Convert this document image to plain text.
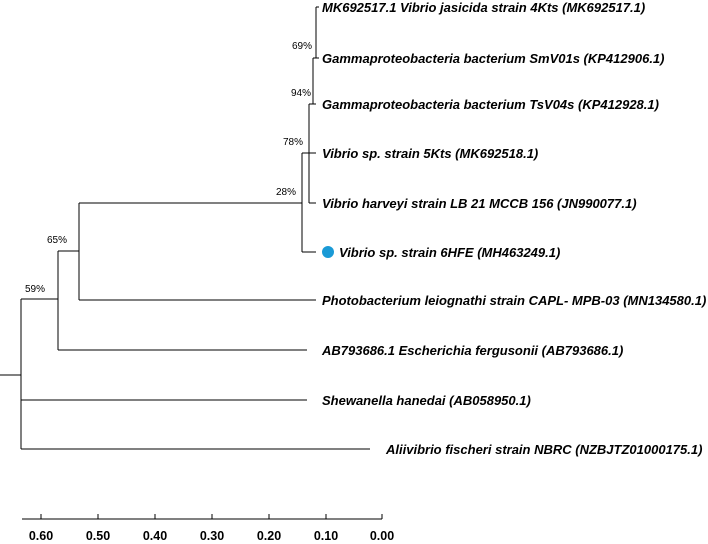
69%
94%
78%
28%
65%
59%
MK692517.1 Vibrio jasicida strain 4Kts (MK692517.1)
Gammaproteobacteria bacterium SmV01s (KP412906.1)
Gammaproteobacteria bacterium TsV04s (KP412928.1)
Vibrio sp. strain 5Kts (MK692518.1)
Vibrio harveyi strain LB 21 MCCB 156 (JN990077.1)
Vibrio sp. strain 6HFE (MH463249.1)
Photobacterium leiognathi strain CAPL- MPB-03 (MN134580.1)
AB793686.1 Escherichia fergusonii (AB793686.1)
Shewanella hanedai (AB058950.1)
Aliivibrio fischeri strain NBRC (NZBJTZ01000175.1)
0.60	0.50	0.40	0.30	0.20	0.10	0.00
